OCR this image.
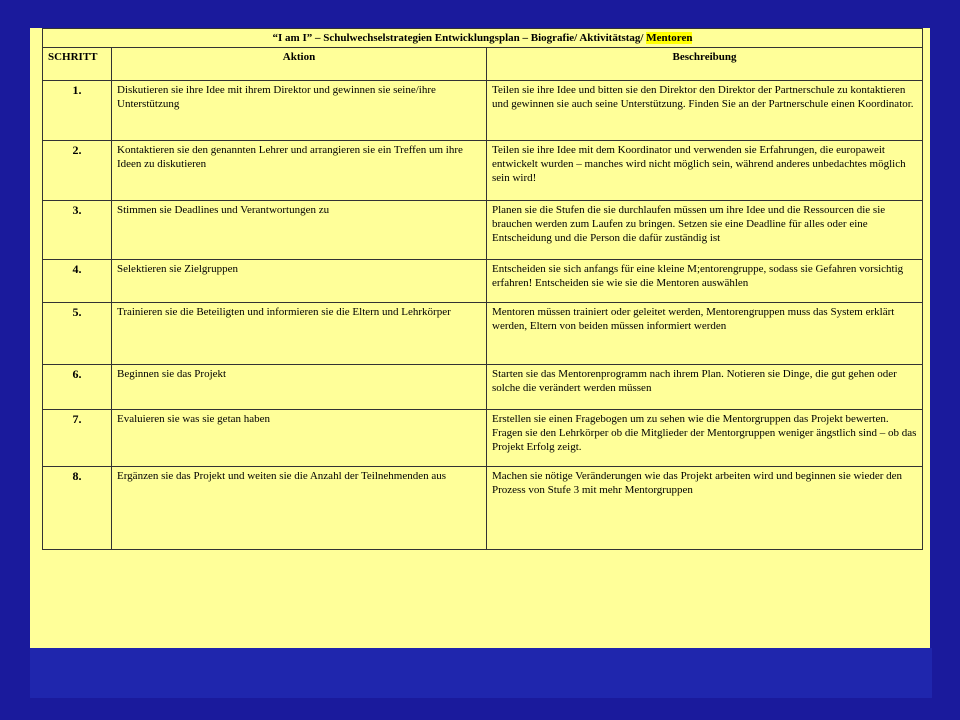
“I am I” – Schulwechselstrategien Entwicklungsplan – Biografie/ Aktivitätstag/ Mentoren		
SCHRITT	Aktion	Beschreibung
1.	Diskutieren sie ihre Idee mit ihrem Direktor und gewinnen sie seine/ihre Unterstützung	Teilen sie ihre Idee und bitten sie den Direktor den Direktor der Partnerschule zu kontaktieren und gewinnen sie auch seine Unterstützung. Finden Sie an der Partnerschule einen Koordinator.
2.	Kontaktieren sie den genannten Lehrer und arrangieren sie ein Treffen um ihre Ideen zu diskutieren	Teilen sie ihre Idee mit dem Koordinator und verwenden sie Erfahrungen, die europaweit entwickelt wurden – manches wird nicht möglich sein, während anderes unbedachtes möglich sein wird!
3.	Stimmen sie Deadlines und Verantwortungen zu	Planen sie die Stufen die sie durchlaufen müssen um ihre Idee und die Ressourcen die sie brauchen werden zum Laufen zu bringen. Setzen sie eine Deadline für alles oder eine Entscheidung und die Person die dafür zuständig ist
4.	Selektieren sie Zielgruppen	Entscheiden sie sich anfangs für eine kleine M;entorengruppe, sodass sie Gefahren vorsichtig erfahren! Entscheiden sie wie sie die Mentoren auswählen
5.	Trainieren sie die Beteiligten und informieren sie die Eltern und Lehrkörper	Mentoren müssen trainiert oder geleitet werden, Mentorengruppen muss das System erklärt werden, Eltern von beiden müssen informiert werden
6.	Beginnen sie das Projekt	Starten sie das Mentorenprogramm nach ihrem Plan. Notieren sie Dinge, die gut gehen oder solche die verändert werden müssen
7.	Evaluieren sie was sie getan haben	Erstellen sie einen Fragebogen um zu sehen wie die Mentorgruppen das Projekt bewerten. Fragen sie den Lehrkörper ob die Mitglieder der Mentorgruppen weniger ängstlich sind – ob das Projekt Erfolg zeigt.
8.	Ergänzen sie das Projekt und weiten sie die Anzahl der Teilnehmenden aus	Machen sie nötige Veränderungen wie das Projekt arbeiten wird und beginnen sie wieder den Prozess von Stufe 3 mit mehr Mentorgruppen
